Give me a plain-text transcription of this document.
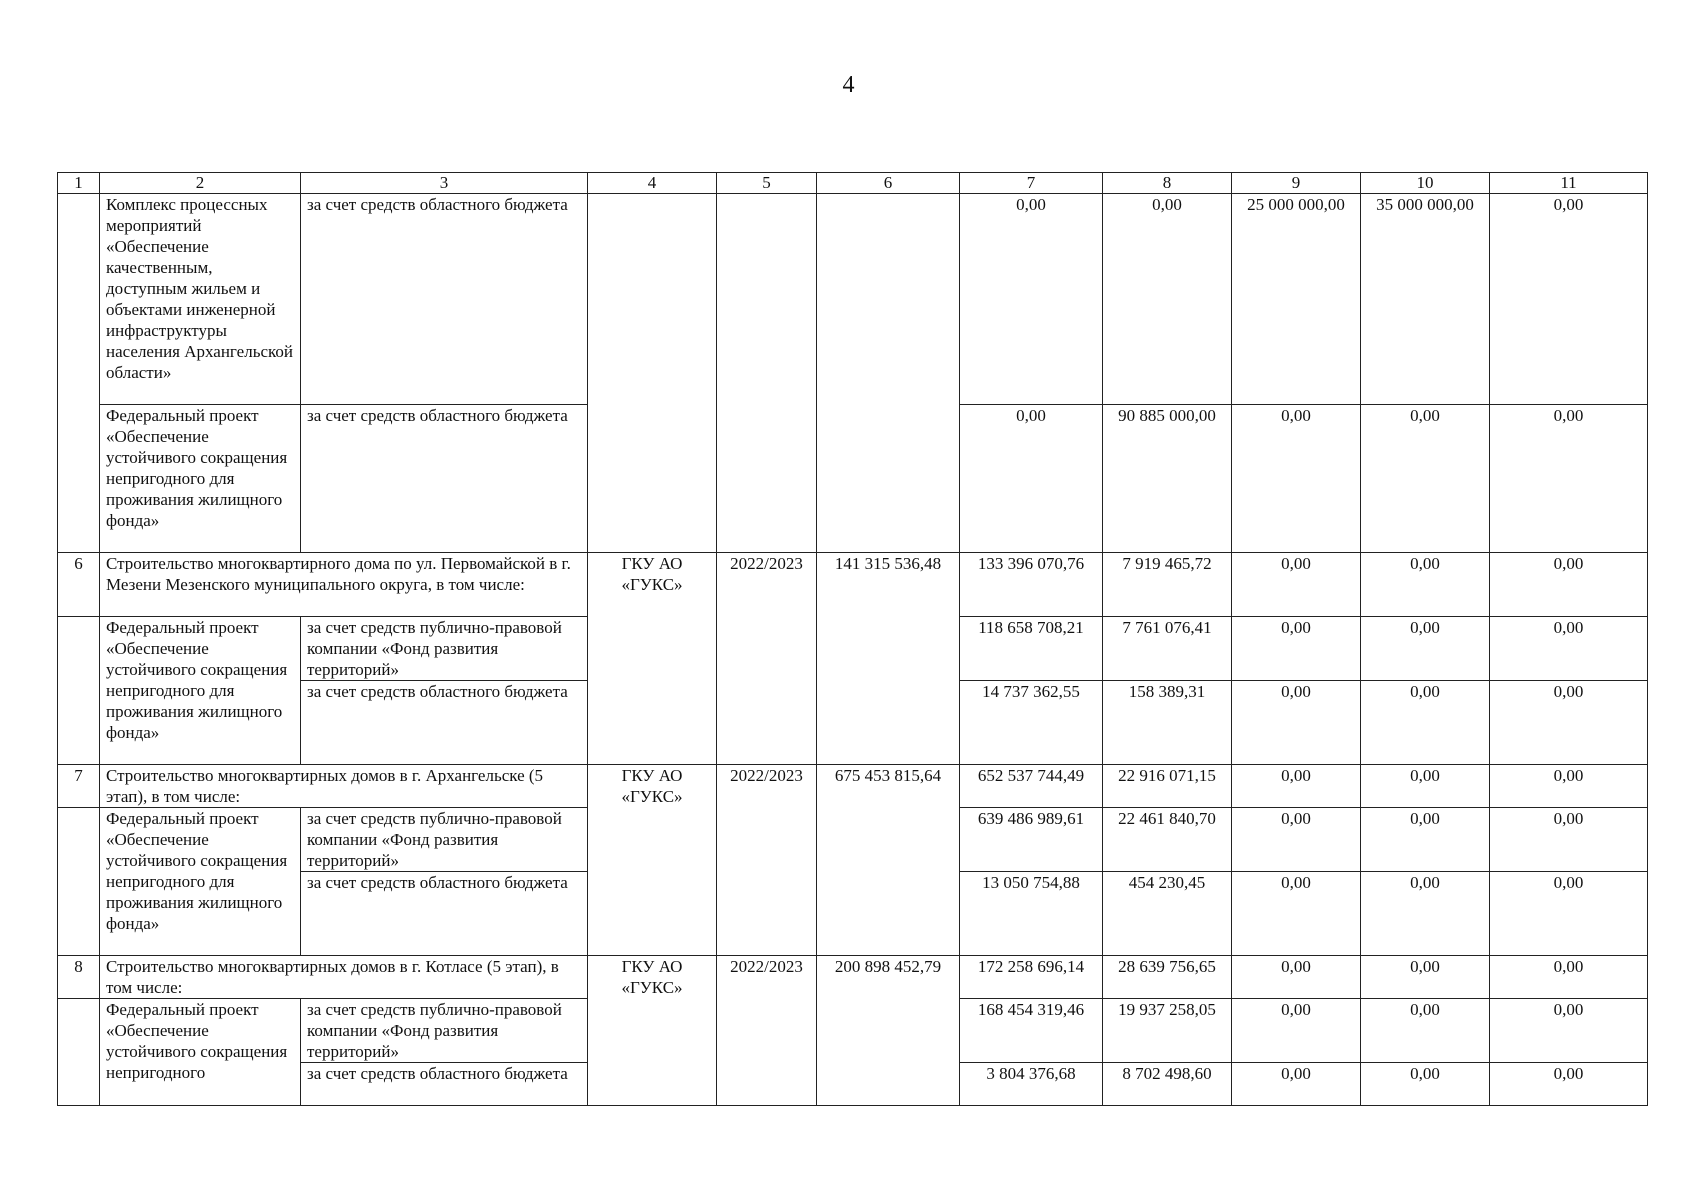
4
1	2	3	4	5	6	7	8	9	10	11
	Комплекс процессных мероприятий «Обеспечение качественным, доступным жильем и объектами инженерной инфраструктуры населения Архангельской области»	за счет средств областного бюджета				0,00	0,00	25 000 000,00	35 000 000,00	0,00
	Федеральный проект «Обеспечение устойчивого сокращения непригодного для проживания жилищного фонда»	за счет средств областного бюджета				0,00	90 885 000,00	0,00	0,00	0,00
6	Строительство многоквартирного дома по ул. Первомайской в г. Мезени Мезенского муниципального округа, в том числе:		ГКУ АО «ГУКС»	2022/2023	141 315 536,48	133 396 070,76	7 919 465,72	0,00	0,00	0,00
	Федеральный проект «Обеспечение устойчивого сокращения непригодного для проживания жилищного фонда»	за счет средств публично-правовой компании «Фонд развития территорий»				118 658 708,21	7 761 076,41	0,00	0,00	0,00
		за счет средств областного бюджета				14 737 362,55	158 389,31	0,00	0,00	0,00
7	Строительство многоквартирных домов в г. Архангельске (5 этап), в том числе:		ГКУ АО «ГУКС»	2022/2023	675 453 815,64	652 537 744,49	22 916 071,15	0,00	0,00	0,00
	Федеральный проект «Обеспечение устойчивого сокращения непригодного для проживания жилищного фонда»	за счет средств публично-правовой компании «Фонд развития территорий»				639 486 989,61	22 461 840,70	0,00	0,00	0,00
		за счет средств областного бюджета				13 050 754,88	454 230,45	0,00	0,00	0,00
8	Строительство многоквартирных домов в г. Котласе (5 этап), в том числе:		ГКУ АО «ГУКС»	2022/2023	200 898 452,79	172 258 696,14	28 639 756,65	0,00	0,00	0,00
	Федеральный проект «Обеспечение устойчивого сокращения непригодного	за счет средств публично-правовой компании «Фонд развития территорий»				168 454 319,46	19 937 258,05	0,00	0,00	0,00
		за счет средств областного бюджета				3 804 376,68	8 702 498,60	0,00	0,00	0,00
